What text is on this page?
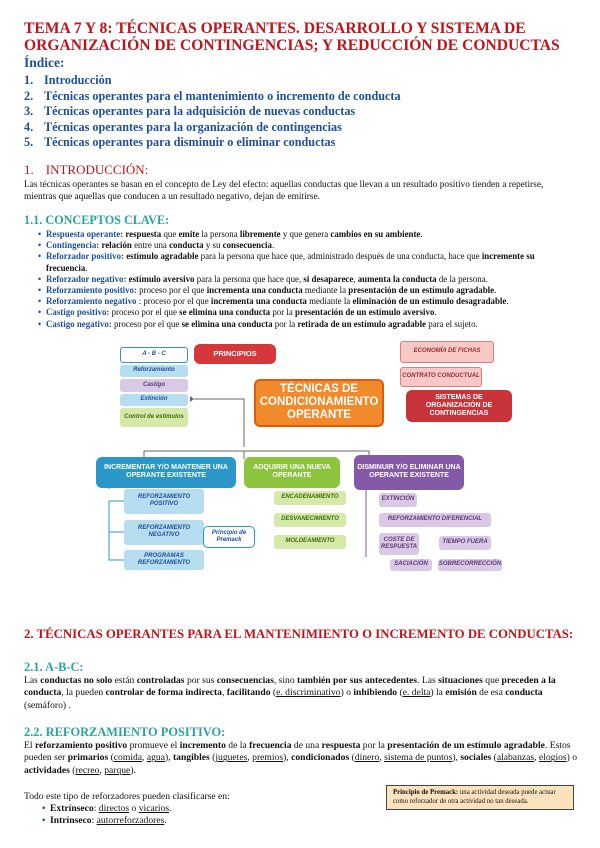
TEMA 7 Y 8: TÉCNICAS OPERANTES. DESARROLLO Y SISTEMA DE ORGANIZACIÓN DE CONTINGENCIAS; Y REDUCCIÓN DE CONDUCTAS
Índice:
1. Introducción
2. Técnicas operantes para el mantenimiento o incremento de conducta
3. Técnicas operantes para la adquisición de nuevas conductas
4. Técnicas operantes para la organización de contingencias
5. Técnicas operantes para disminuir o eliminar conductas
1. INTRODUCCIÓN:

Las técnicas operantes se basan en el concepto de Ley del efecto: aquellas conductas que llevan a un resultado positivo tienden a repetirse, mientras que aquellas que conducen a un resultado negativo, dejan de emitirse.

1.1. CONCEPTOS CLAVE:
• Respuesta operante: respuesta que emite la persona libremente y que genera cambios en su ambiente.
• Contingencia: relación entre una conducta y su consecuencia.
• Reforzador positivo: estímulo agradable para la persona que hace que, administrado después de una conducta, hace que incremente su frecuencia.
• Reforzador negativo: estímulo aversivo para la persona que hace que, si desaparece, aumenta la conducta de la persona.
• Reforzamiento positivo: proceso por el que incrementa una conducta mediante la presentación de un estímulo agradable.
• Reforzamiento negativo : proceso por el que incrementa una conducta mediante la eliminación de un estímulo desagradable.
• Castigo positivo: proceso por el que se elimina una conducta por la presentación de un estímulo aversivo.
• Castigo negativo: proceso por el que se elimina una conducta por la retirada de un estímulo agradable para el sujeto.
A - B - C
Reforzamiento
Castigo
Extinción
Control de estímulos
PRINCIPIOS	ECONOMÍA DE FICHAS
CONTRATO CONDUCTUAL
SISTEMAS DE ORGANIZACIÓN DE CONTINGENCIAS
TÉCNICAS DE CONDICIONAMIENTO OPERANTE
INCREMENTAR Y/O MANTENER UNA OPERANTE EXISTENTE
ADQUIRIR UNA NUEVA OPERANTE
DISMINUIR Y/O ELIMINAR UNA OPERANTE EXISTENTE
REFORZAMIENTO POSITIVO
REFORZAMIENTO NEGATIVO
PROGRAMAS REFORZAMIENTO
Principio de Premack
ENCADENAMIENTO
DESVANECIMIENTO
MOLDEAMIENTO
EXTINCIÓN
REFORZAMIENTO DIFERENCIAL
COSTE DE RESPUESTA
TIEMPO FUERA
SACIACIÓN	SOBRECORRECCIÓN
2. TÉCNICAS OPERANTES PARA EL MANTENIMIENTO O INCREMENTO DE CONDUCTAS:
2.1. A-B-C:

Las conductas no solo están controladas por sus consecuencias, sino también por sus antecedentes. Las situaciones que preceden a la conducta, la pueden controlar de forma indirecta, facilitando (e. discriminativo) o inhibiendo (e. delta) la emisión de esa conducta (semáforo) .

2.2. REFORZAMIENTO POSITIVO:

El reforzamiento positivo promueve el incremento de la frecuencia de una respuesta por la presentación de un estímulo agradable. Estos pueden ser primarios (comida, agua), tangibles (juguetes, premios), condicionados (dinero, sistema de puntos), sociales (alabanzas, elogios) o actividades (recreo, parque).

Todo este tipo de reforzadores pueden clasificarse en:

• Extrínseco: directos o vicarios.
• Intrínseco: autorreforzadores.
Principio de Premack: una actividad deseada puede actuar como reforzador de otra actividad no tan deseada.
